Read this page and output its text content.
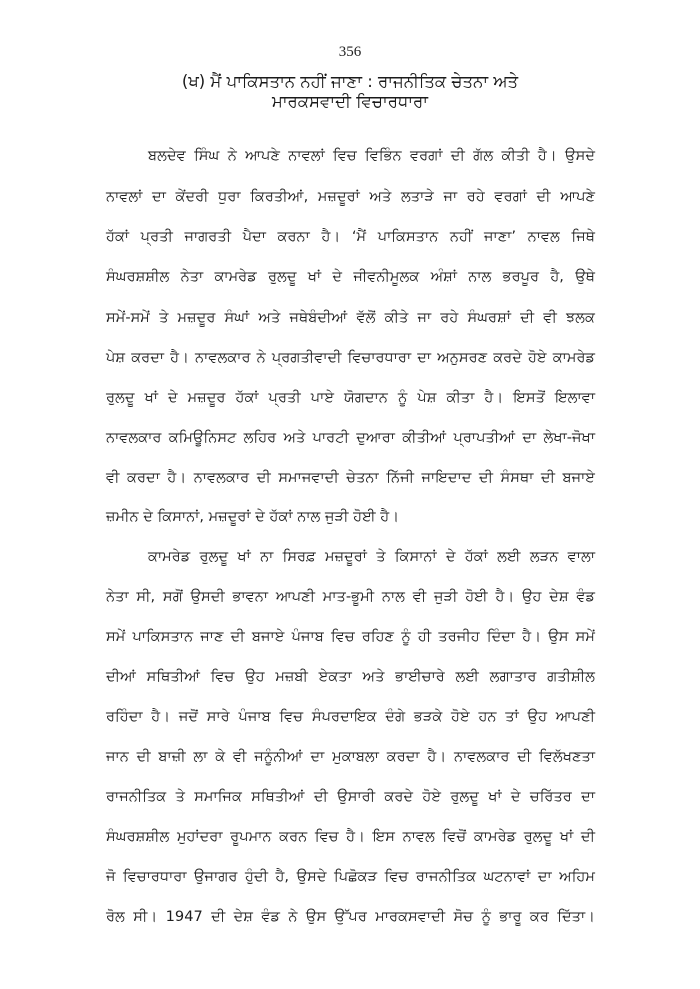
356
(ਖ) ਮੈਂ ਪਾਕਿਸਤਾਨ ਨਹੀਂ ਜਾਣਾ : ਰਾਜਨੀਤਿਕ ਚੇਤਨਾ ਅਤੇ
ਮਾਰਕਸਵਾਦੀ ਵਿਚਾਰਧਾਰਾ
ਬਲਦੇਵ ਸਿੰਘ ਨੇ ਆਪਣੇ ਨਾਵਲਾਂ ਵਿਚ ਵਿਭਿੰਨ ਵਰਗਾਂ ਦੀ ਗੱਲ ਕੀਤੀ ਹੈ। ਉਸਦੇ
ਨਾਵਲਾਂ ਦਾ ਕੇਂਦਰੀ ਧੁਰਾ ਕਿਰਤੀਆਂ, ਮਜ਼ਦੂਰਾਂ ਅਤੇ ਲਤਾੜੇ ਜਾ ਰਹੇ ਵਰਗਾਂ ਦੀ ਆਪਣੇ
ਹੱਕਾਂ ਪ੍ਰਤੀ ਜਾਗਰਤੀ ਪੈਦਾ ਕਰਨਾ ਹੈ। ‘ਮੈਂ ਪਾਕਿਸਤਾਨ ਨਹੀਂ ਜਾਣਾ’ ਨਾਵਲ ਜਿਥੇ
ਸੰਘਰਸ਼ਸ਼ੀਲ ਨੇਤਾ ਕਾਮਰੇਡ ਰੁਲਦੂ ਖਾਂ ਦੇ ਜੀਵਨੀਮੂਲਕ ਅੰਸ਼ਾਂ ਨਾਲ ਭਰਪੂਰ ਹੈ, ਉਥੇ
ਸਮੇਂ-ਸਮੇਂ ਤੇ ਮਜ਼ਦੂਰ ਸੰਘਾਂ ਅਤੇ ਜਥੇਬੰਦੀਆਂ ਵੱਲੋਂ ਕੀਤੇ ਜਾ ਰਹੇ ਸੰਘਰਸ਼ਾਂ ਦੀ ਵੀ ਝਲਕ
ਪੇਸ਼ ਕਰਦਾ ਹੈ। ਨਾਵਲਕਾਰ ਨੇ ਪ੍ਰਗਤੀਵਾਦੀ ਵਿਚਾਰਧਾਰਾ ਦਾ ਅਨੁਸਰਣ ਕਰਦੇ ਹੋਏ ਕਾਮਰੇਡ
ਰੁਲਦੂ ਖਾਂ ਦੇ ਮਜ਼ਦੂਰ ਹੱਕਾਂ ਪ੍ਰਤੀ ਪਾਏ ਯੋਗਦਾਨ ਨੂੰ ਪੇਸ਼ ਕੀਤਾ ਹੈ। ਇਸਤੋਂ ਇਲਾਵਾ
ਨਾਵਲਕਾਰ ਕਮਿਊਨਿਸਟ ਲਹਿਰ ਅਤੇ ਪਾਰਟੀ ਦੁਆਰਾ ਕੀਤੀਆਂ ਪ੍ਰਾਪਤੀਆਂ ਦਾ ਲੇਖਾ-ਜੋਖਾ
ਵੀ ਕਰਦਾ ਹੈ। ਨਾਵਲਕਾਰ ਦੀ ਸਮਾਜਵਾਦੀ ਚੇਤਨਾ ਨਿੱਜੀ ਜਾਇਦਾਦ ਦੀ ਸੰਸਥਾ ਦੀ ਬਜਾਏ
ਜ਼ਮੀਨ ਦੇ ਕਿਸਾਨਾਂ, ਮਜ਼ਦੂਰਾਂ ਦੇ ਹੱਕਾਂ ਨਾਲ ਜੁੜੀ ਹੋਈ ਹੈ।
ਕਾਮਰੇਡ ਰੁਲਦੂ ਖਾਂ ਨਾ ਸਿਰਫ਼ ਮਜ਼ਦੂਰਾਂ ਤੇ ਕਿਸਾਨਾਂ ਦੇ ਹੱਕਾਂ ਲਈ ਲੜਨ ਵਾਲਾ
ਨੇਤਾ ਸੀ, ਸਗੋਂ ਉਸਦੀ ਭਾਵਨਾ ਆਪਣੀ ਮਾਤ-ਭੂਮੀ ਨਾਲ ਵੀ ਜੁੜੀ ਹੋਈ ਹੈ। ਉਹ ਦੇਸ਼ ਵੰਡ
ਸਮੇਂ ਪਾਕਿਸਤਾਨ ਜਾਣ ਦੀ ਬਜਾਏ ਪੰਜਾਬ ਵਿਚ ਰਹਿਣ ਨੂੰ ਹੀ ਤਰਜੀਹ ਦਿੰਦਾ ਹੈ। ਉਸ ਸਮੇਂ
ਦੀਆਂ ਸਥਿਤੀਆਂ ਵਿਚ ਉਹ ਮਜ਼ਬੀ ਏਕਤਾ ਅਤੇ ਭਾਈਚਾਰੇ ਲਈ ਲਗਾਤਾਰ ਗਤੀਸ਼ੀਲ
ਰਹਿੰਦਾ ਹੈ। ਜਦੋਂ ਸਾਰੇ ਪੰਜਾਬ ਵਿਚ ਸੰਪਰਦਾਇਕ ਦੰਗੇ ਭੜਕੇ ਹੋਏ ਹਨ ਤਾਂ ਉਹ ਆਪਣੀ
ਜਾਨ ਦੀ ਬਾਜ਼ੀ ਲਾ ਕੇ ਵੀ ਜਨੂੰਨੀਆਂ ਦਾ ਮੁਕਾਬਲਾ ਕਰਦਾ ਹੈ। ਨਾਵਲਕਾਰ ਦੀ ਵਿਲੱਖਣਤਾ
ਰਾਜਨੀਤਿਕ ਤੇ ਸਮਾਜਿਕ ਸਥਿਤੀਆਂ ਦੀ ਉਸਾਰੀ ਕਰਦੇ ਹੋਏ ਰੁਲਦੂ ਖਾਂ ਦੇ ਚਰਿੱਤਰ ਦਾ
ਸੰਘਰਸ਼ਸ਼ੀਲ ਮੁਹਾਂਦਰਾ ਰੂਪਮਾਨ ਕਰਨ ਵਿਚ ਹੈ। ਇਸ ਨਾਵਲ ਵਿਚੋਂ ਕਾਮਰੇਡ ਰੁਲਦੂ ਖਾਂ ਦੀ
ਜੋ ਵਿਚਾਰਧਾਰਾ ਉਜਾਗਰ ਹੁੰਦੀ ਹੈ, ਉਸਦੇ ਪਿਛੋਕੜ ਵਿਚ ਰਾਜਨੀਤਿਕ ਘਟਨਾਵਾਂ ਦਾ ਅਹਿਮ
ਰੋਲ ਸੀ। 1947 ਦੀ ਦੇਸ਼ ਵੰਡ ਨੇ ਉਸ ਉੱਪਰ ਮਾਰਕਸਵਾਦੀ ਸੋਚ ਨੂੰ ਭਾਰੂ ਕਰ ਦਿੱਤਾ।
